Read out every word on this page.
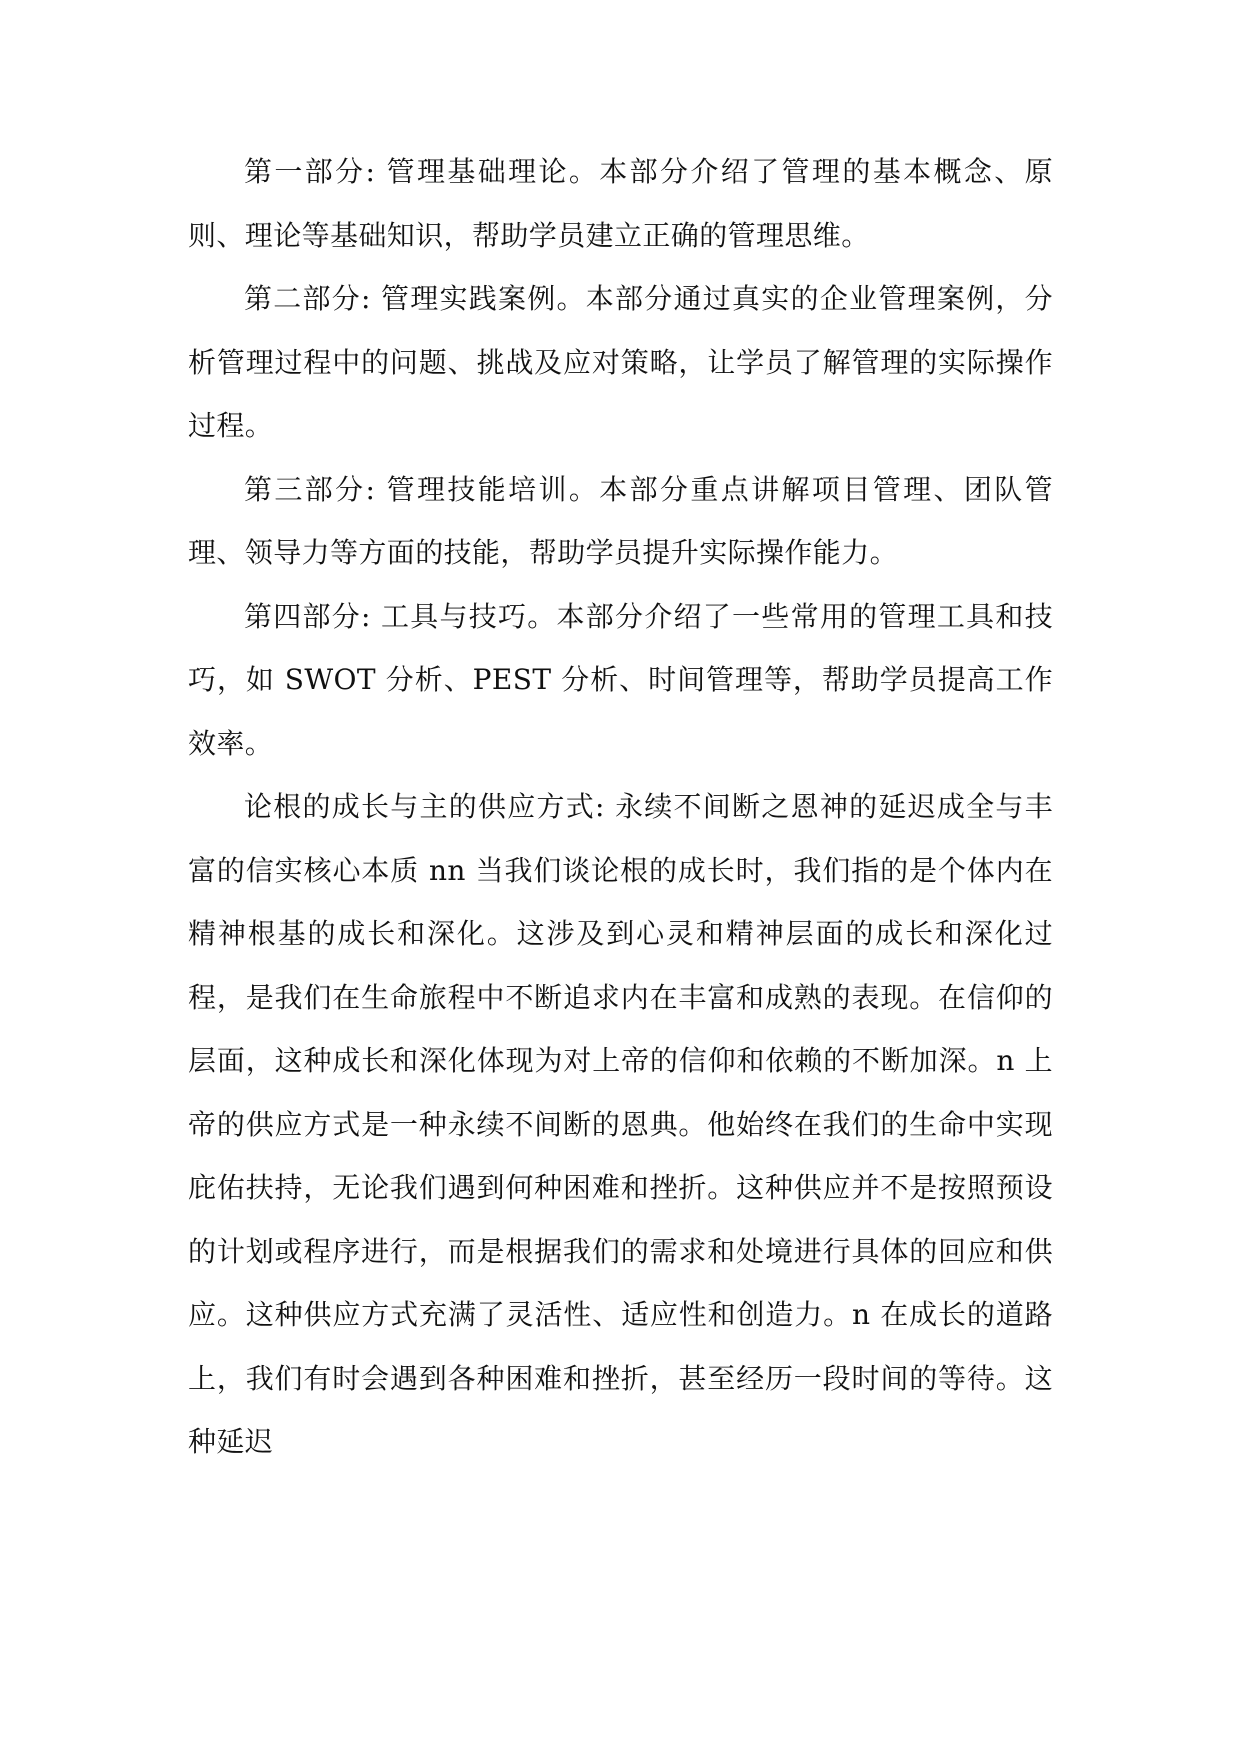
第一部分: 管理基础理论。本部分介绍了管理的基本概念、原则、理论等基础知识，帮助学员建立正确的管理思维。

第二部分: 管理实践案例。本部分通过真实的企业管理案例，分析管理过程中的问题、挑战及应对策略，让学员了解管理的实际操作过程。

第三部分: 管理技能培训。本部分重点讲解项目管理、团队管理、领导力等方面的技能，帮助学员提升实际操作能力。

第四部分: 工具与技巧。本部分介绍了一些常用的管理工具和技巧，如 SWOT 分析、PEST 分析、时间管理等，帮助学员提高工作效率。

论根的成长与主的供应方式: 永续不间断之恩神的延迟成全与丰富的信实核心本质 nn 当我们谈论根的成长时，我们指的是个体内在精神根基的成长和深化。这涉及到心灵和精神层面的成长和深化过程，是我们在生命旅程中不断追求内在丰富和成熟的表现。在信仰的层面，这种成长和深化体现为对上帝的信仰和依赖的不断加深。n 上帝的供应方式是一种永续不间断的恩典。他始终在我们的生命中实现庇佑扶持，无论我们遇到何种困难和挫折。这种供应并不是按照预设的计划或程序进行，而是根据我们的需求和处境进行具体的回应和供应。这种供应方式充满了灵活性、适应性和创造力。n 在成长的道路上，我们有时会遇到各种困难和挫折，甚至经历一段时间的等待。这种延迟
